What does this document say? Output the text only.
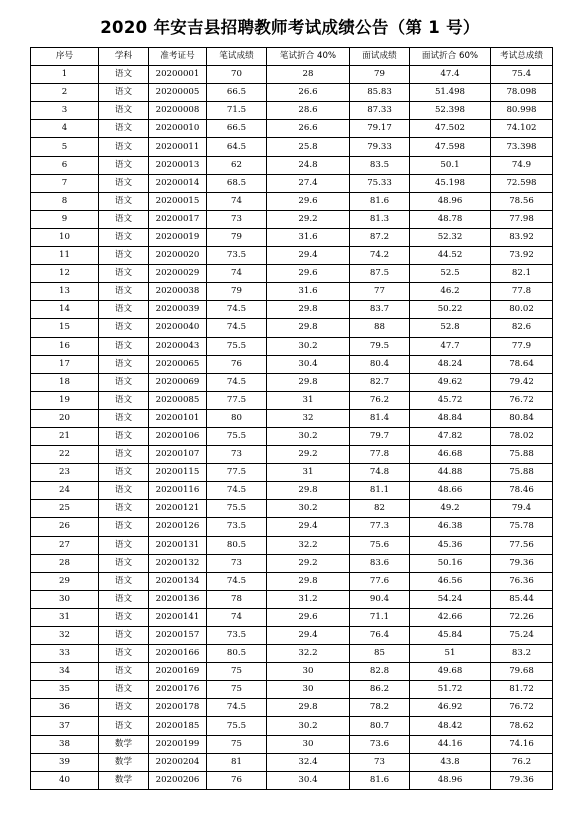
2020 年安吉县招聘教师考试成绩公告（第 1 号）
序号	学科	准考证号	笔试成绩	笔试折合 40%	面试成绩	面试折合 60%	考试总成绩
1	语文	20200001	70	28	79	47.4	75.4
2	语文	20200005	66.5	26.6	85.83	51.498	78.098
3	语文	20200008	71.5	28.6	87.33	52.398	80.998
4	语文	20200010	66.5	26.6	79.17	47.502	74.102
5	语文	20200011	64.5	25.8	79.33	47.598	73.398
6	语文	20200013	62	24.8	83.5	50.1	74.9
7	语文	20200014	68.5	27.4	75.33	45.198	72.598
8	语文	20200015	74	29.6	81.6	48.96	78.56
9	语文	20200017	73	29.2	81.3	48.78	77.98
10	语文	20200019	79	31.6	87.2	52.32	83.92
11	语文	20200020	73.5	29.4	74.2	44.52	73.92
12	语文	20200029	74	29.6	87.5	52.5	82.1
13	语文	20200038	79	31.6	77	46.2	77.8
14	语文	20200039	74.5	29.8	83.7	50.22	80.02
15	语文	20200040	74.5	29.8	88	52.8	82.6
16	语文	20200043	75.5	30.2	79.5	47.7	77.9
17	语文	20200065	76	30.4	80.4	48.24	78.64
18	语文	20200069	74.5	29.8	82.7	49.62	79.42
19	语文	20200085	77.5	31	76.2	45.72	76.72
20	语文	20200101	80	32	81.4	48.84	80.84
21	语文	20200106	75.5	30.2	79.7	47.82	78.02
22	语文	20200107	73	29.2	77.8	46.68	75.88
23	语文	20200115	77.5	31	74.8	44.88	75.88
24	语文	20200116	74.5	29.8	81.1	48.66	78.46
25	语文	20200121	75.5	30.2	82	49.2	79.4
26	语文	20200126	73.5	29.4	77.3	46.38	75.78
27	语文	20200131	80.5	32.2	75.6	45.36	77.56
28	语文	20200132	73	29.2	83.6	50.16	79.36
29	语文	20200134	74.5	29.8	77.6	46.56	76.36
30	语文	20200136	78	31.2	90.4	54.24	85.44
31	语文	20200141	74	29.6	71.1	42.66	72.26
32	语文	20200157	73.5	29.4	76.4	45.84	75.24
33	语文	20200166	80.5	32.2	85	51	83.2
34	语文	20200169	75	30	82.8	49.68	79.68
35	语文	20200176	75	30	86.2	51.72	81.72
36	语文	20200178	74.5	29.8	78.2	46.92	76.72
37	语文	20200185	75.5	30.2	80.7	48.42	78.62
38	数学	20200199	75	30	73.6	44.16	74.16
39	数学	20200204	81	32.4	73	43.8	76.2
40	数学	20200206	76	30.4	81.6	48.96	79.36
